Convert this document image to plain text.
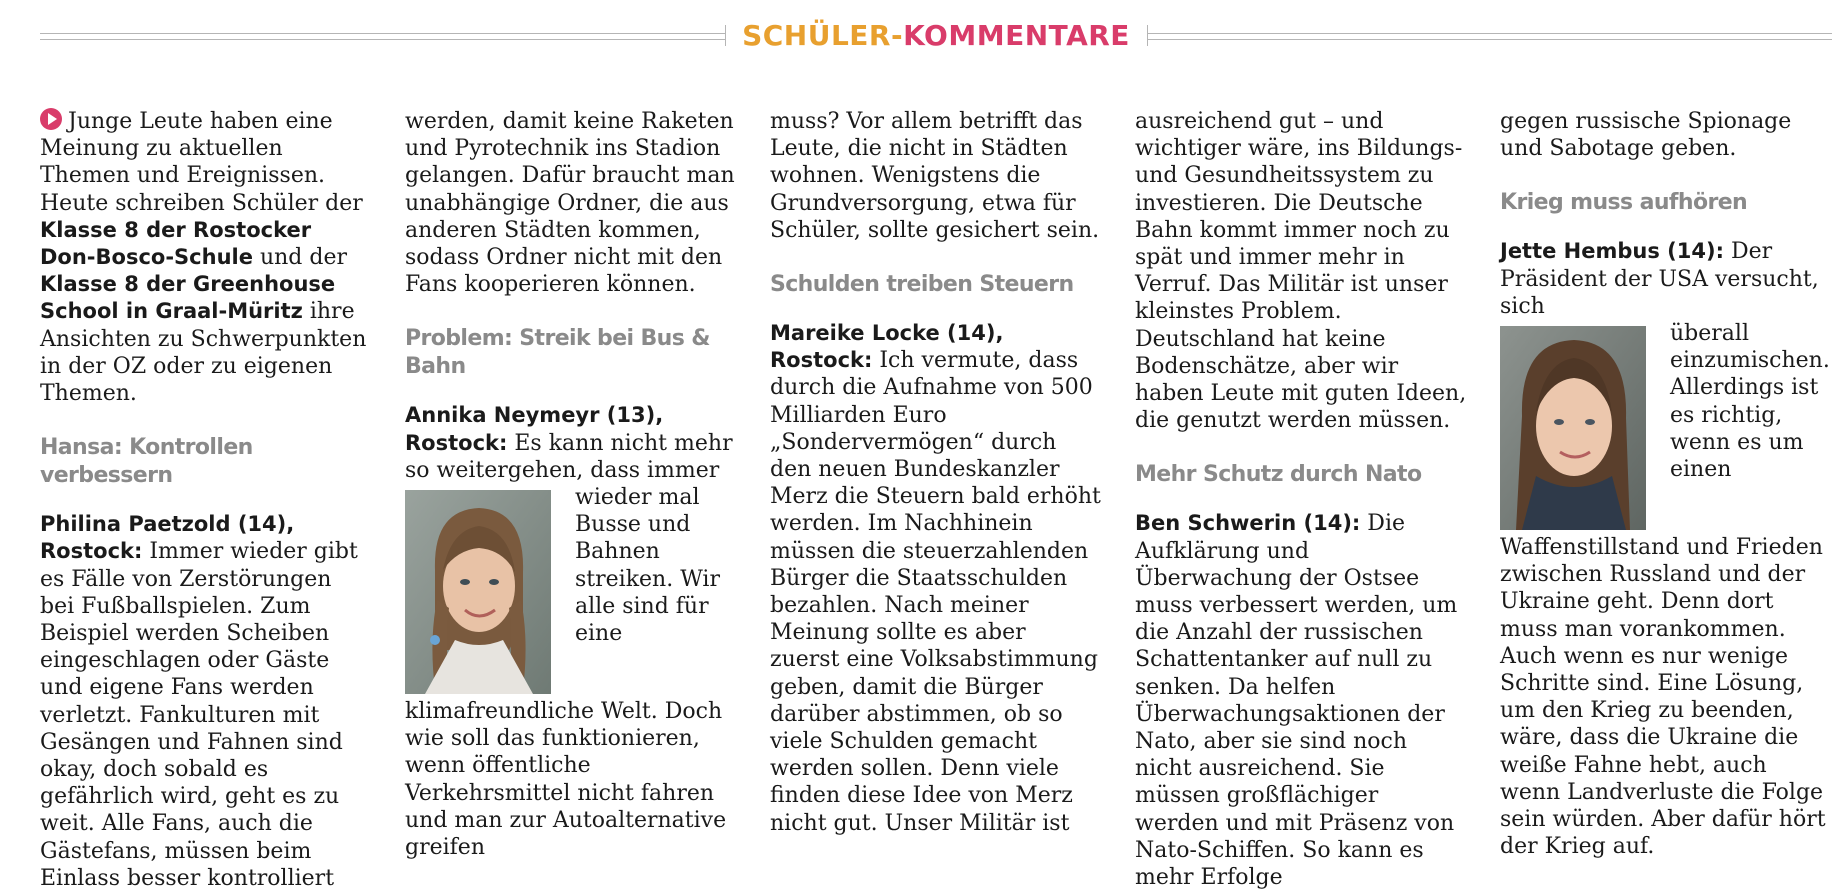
SCHÜLER-KOMMENTARE

Junge Leute haben eine Meinung zu aktuellen Themen und Ereignissen. Heute schreiben Schüler der Klasse 8 der Rostocker Don-Bosco-Schule und der Klasse 8 der Greenhouse School in Graal-Müritz ihre Ansichten zu Schwerpunkten in der OZ oder zu eigenen Themen.

Hansa: Kontrollen verbessern

Philina Paetzold (14), Rostock: Immer wieder gibt es Fälle von Zerstörungen bei Fußballspielen. Zum Beispiel werden Scheiben eingeschlagen oder Gäste und eigene Fans werden verletzt. Fankulturen mit Gesängen und Fahnen sind okay, doch sobald es gefährlich wird, geht es zu weit. Alle Fans, auch die Gästefans, müssen beim Einlass besser kontrolliert

werden, damit keine Raketen und Pyrotechnik ins Stadion gelangen. Dafür braucht man unabhängige Ordner, die aus anderen Städten kommen, sodass Ordner nicht mit den Fans kooperieren können.

Problem: Streik bei Bus & Bahn

Annika Neymeyr (13), Rostock: Es kann nicht mehr so weitergehen, dass immer

wieder mal Busse und Bahnen streiken. Wir alle sind für eine klimafreundliche Welt. Doch wie soll das funktionieren, wenn öffentliche Verkehrsmittel nicht fahren und man zur Autoalternative greifen

muss? Vor allem betrifft das Leute, die nicht in Städten wohnen. Wenigstens die Grundversorgung, etwa für Schüler, sollte gesichert sein.

Schulden treiben Steuern

Mareike Locke (14), Rostock: Ich vermute, dass durch die Aufnahme von 500 Milliarden Euro „Sondervermögen“ durch den neuen Bundeskanzler Merz die Steuern bald erhöht werden. Im Nachhinein müssen die steuerzahlenden Bürger die Staatsschulden bezahlen. Nach meiner Meinung sollte es aber zuerst eine Volksabstimmung geben, damit die Bürger darüber abstimmen, ob so viele Schulden gemacht werden sollen. Denn viele finden diese Idee von Merz nicht gut. Unser Militär ist

ausreichend gut – und wichtiger wäre, ins Bildungs- und Gesundheitssystem zu investieren. Die Deutsche Bahn kommt immer noch zu spät und immer mehr in Verruf. Das Militär ist unser kleinstes Problem. Deutschland hat keine Bodenschätze, aber wir haben Leute mit guten Ideen, die genutzt werden müssen.

Mehr Schutz durch Nato

Ben Schwerin (14): Die Aufklärung und Überwachung der Ostsee muss verbessert werden, um die Anzahl der russischen Schattentanker auf null zu senken. Da helfen Überwachungsaktionen der Nato, aber sie sind noch nicht ausreichend. Sie müssen großflächiger werden und mit Präsenz von Nato-Schiffen. So kann es mehr Erfolge

gegen russische Spionage und Sabotage geben.

Krieg muss aufhören

Jette Hembus (14): Der Präsident der USA versucht, sich

überall einzumischen. Allerdings ist es richtig, wenn es um einen Waffenstillstand und Frieden zwischen Russland und der Ukraine geht. Denn dort muss man vorankommen. Auch wenn es nur wenige Schritte sind. Eine Lösung, um den Krieg zu beenden, wäre, dass die Ukraine die weiße Fahne hebt, auch wenn Landverluste die Folge sein würden. Aber dafür hört der Krieg auf.
